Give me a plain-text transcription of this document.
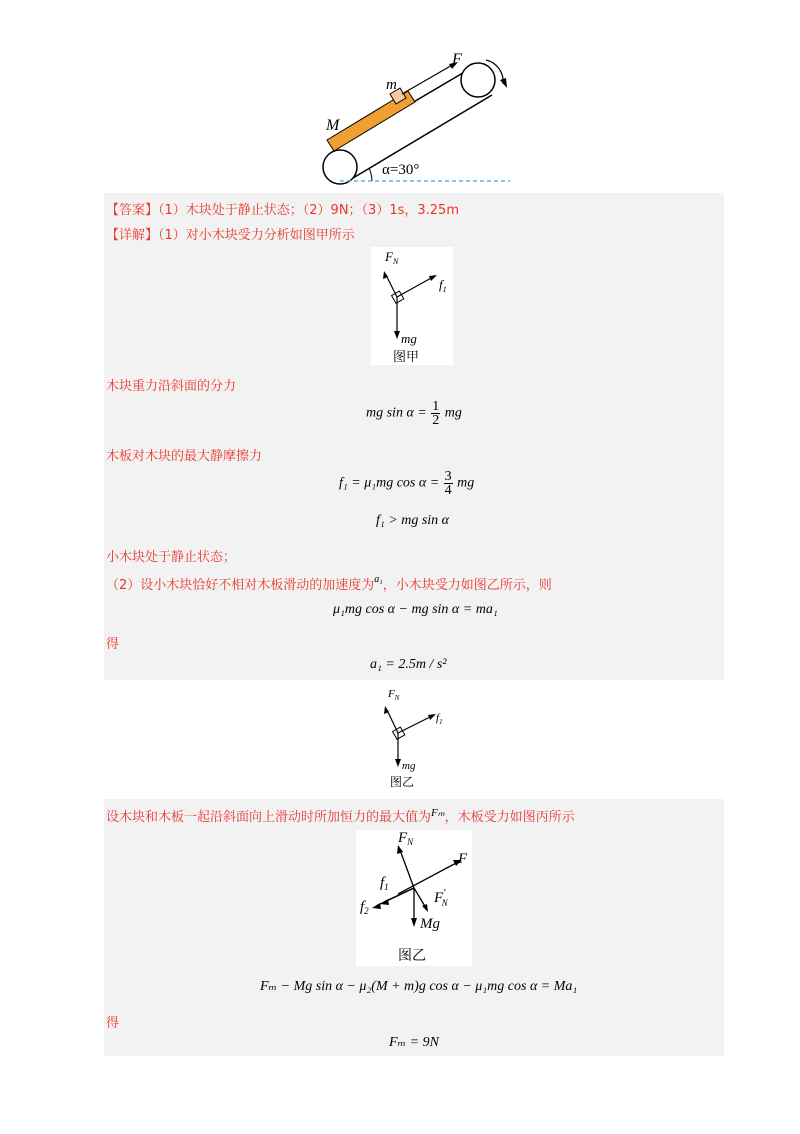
m
F
M
α=30°
【答案】（1）木块处于静止状态；（2）9N；（3）1s，3.25m
【详解】（1）对小木块受力分析如图甲所示
$F_N$
$f_1$
mg
图甲
木块重力沿斜面的分力
mg $\sin \alpha = \frac{1}{2}$ mg
木板对木块的最大静摩擦力
f₁ = μ₁mg $\cos \alpha = \frac{3}{4}$ mg
f₁ > mg sin α
小木块处于静止状态；
（2）设小木块恰好不相对木板滑动的加速度为$^{a_1}$，小木块受力如图乙所示，则
μ₁mg cos α − mg sin α = ma₁
得
a₁ = 2.5m / s²
$F_N$
$f_1$
mg
图乙
设木块和木板一起沿斜面向上滑动时所加恒力的最大值为$^{F_m}$，木板受力如图丙所示
$F_N$
F
$f_1$
$f_2$
F′ N
Mg
图乙
Fₘ − Mg sin α − μ₂(M + m)g cos α − μ₁mg cos α = Ma₁
得
Fₘ = 9N
